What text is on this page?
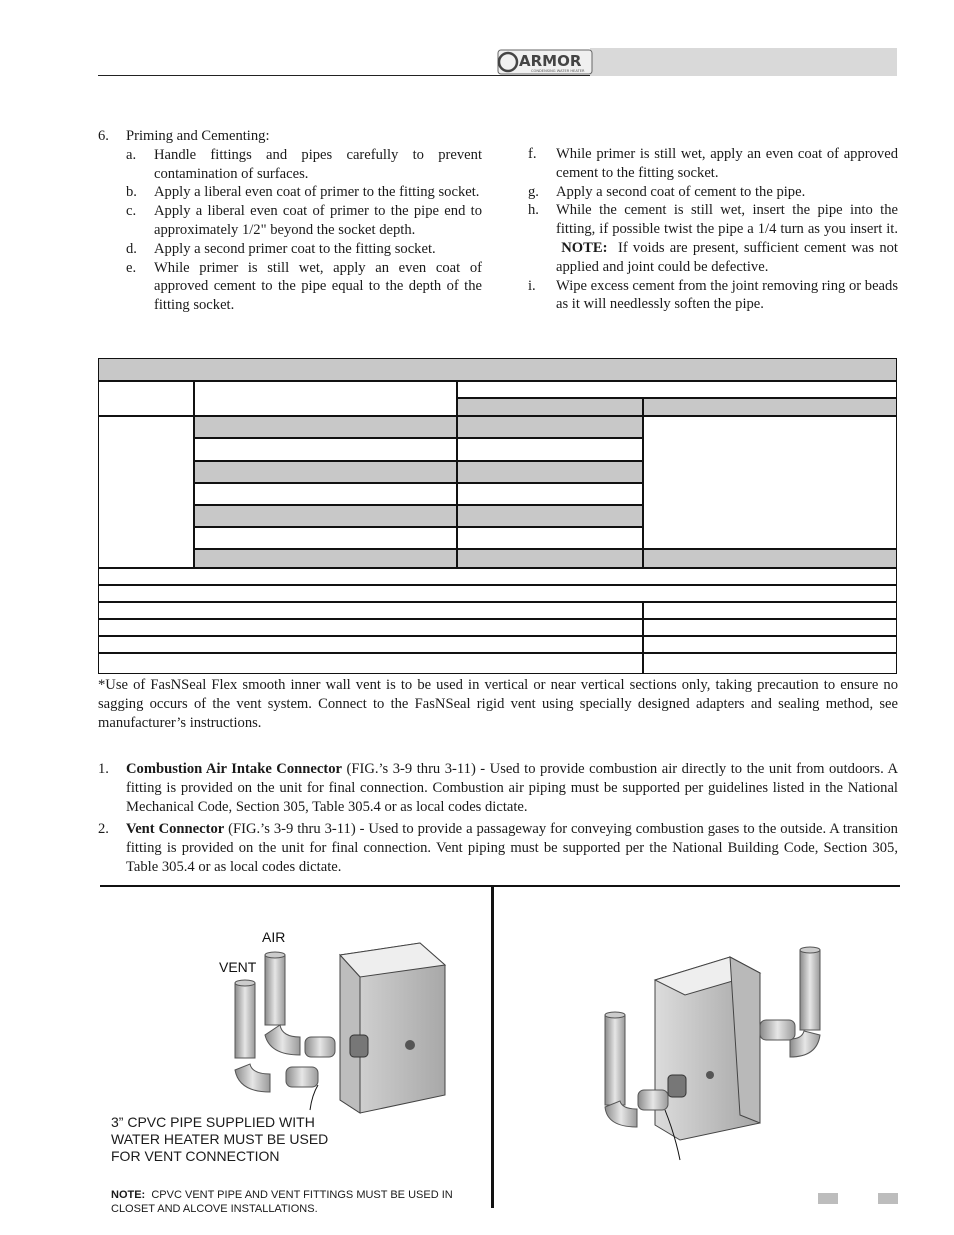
ARMOR
CONDENSING WATER HEATER
6.	Priming and Cementing:
a.	Handle fittings and pipes carefully to prevent contamination of surfaces.
b.	Apply a liberal even coat of primer to the fitting socket.
c.	Apply a liberal even coat of primer to the pipe end to approximately 1/2" beyond the socket depth.
d.	Apply a second primer coat to the fitting socket.
e.	While primer is still wet, apply an even coat of approved cement to the pipe equal to the depth of the fitting socket.
f.	While primer is still wet, apply an even coat of approved cement to the fitting socket.
g.	Apply a second coat of cement to the pipe.
h.	While the cement is still wet, insert the pipe into the fitting, if possible twist the pipe a 1/4 turn as you insert it.  NOTE: If voids are present, sufficient cement was not applied and joint could be defective.
i.	Wipe excess cement from the joint removing ring or beads as it will needlessly soften the pipe.
*Use of FasNSeal Flex smooth inner wall vent is to be used in vertical or near vertical sections only, taking precaution to ensure no sagging occurs of the vent system. Connect to the FasNSeal rigid vent using specially designed adapters and sealing method, see manufacturer’s instructions.
1.	Combustion Air Intake Connector (FIG.’s 3-9 thru 3-11) - Used to provide combustion air directly to the unit from outdoors. A fitting is provided on the unit for final connection. Combustion air piping must be supported per guidelines listed in the National Mechanical Code, Section 305, Table 305.4 or as local codes dictate.
2.	Vent Connector (FIG.’s 3-9 thru 3-11) - Used to provide a passageway for conveying combustion gases to the outside. A transition fitting is provided on the unit for final connection. Vent piping must be supported per the National Building Code, Section 305, Table 305.4 or as local codes dictate.
AIR
VENT
3” CPVC PIPE SUPPLIED WITH WATER HEATER MUST BE USED FOR VENT CONNECTION
NOTE: CPVC VENT PIPE AND VENT FITTINGS MUST BE USED IN CLOSET AND ALCOVE INSTALLATIONS.
